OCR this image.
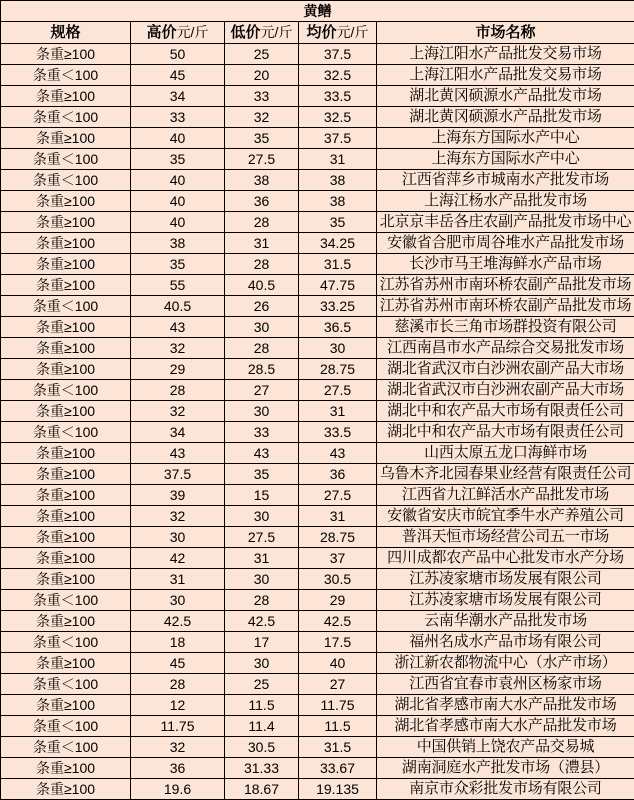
黄鳝				
规格	高价元/斤	低价元/斤	均价元/斤	市场名称
条重≥100	50	25	37.5	上海江阳水产品批发交易市场
条重＜100	45	20	32.5	上海江阳水产品批发交易市场
条重≥100	34	33	33.5	湖北黄冈硕源水产品批发市场
条重＜100	33	32	32.5	湖北黄冈硕源水产品批发市场
条重≥100	40	35	37.5	上海东方国际水产中心
条重＜100	35	27.5	31	上海东方国际水产中心
条重＜100	40	38	38	江西省萍乡市城南水产批发市场
条重≥100	40	36	38	上海江杨水产品批发市场
条重≥100	40	28	35	北京京丰岳各庄农副产品批发市场中心
条重≥100	38	31	34.25	安徽省合肥市周谷堆水产品批发市场
条重≥100	35	28	31.5	长沙市马王堆海鲜水产品市场
条重≥100	55	40.5	47.75	江苏省苏州市南环桥农副产品批发市场
条重＜100	40.5	26	33.25	江苏省苏州市南环桥农副产品批发市场
条重≥100	43	30	36.5	慈溪市长三角市场群投资有限公司
条重≥100	32	28	30	江西南昌市水产品综合交易批发市场
条重≥100	29	28.5	28.75	湖北省武汉市白沙洲农副产品大市场
条重＜100	28	27	27.5	湖北省武汉市白沙洲农副产品大市场
条重≥100	32	30	31	湖北中和农产品大市场有限责任公司
条重＜100	34	33	33.5	湖北中和农产品大市场有限责任公司
条重≥100	43	43	43	山西太原五龙口海鲜市场
条重≥100	37.5	35	36	乌鲁木齐北园春果业经营有限责任公司
条重≥100	39	15	27.5	江西省九江鲜活水产品批发市场
条重≥100	32	30	31	安徽省安庆市皖宜季牛水产养殖公司
条重≥100	30	27.5	28.75	普洱天恒市场经营公司五一市场
条重≥100	42	31	37	四川成都农产品中心批发市水产分场
条重≥100	31	30	30.5	江苏凌家塘市场发展有限公司
条重＜100	30	28	29	江苏凌家塘市场发展有限公司
条重≥100	42.5	42.5	42.5	云南华潮水产品批发市场
条重＜100	18	17	17.5	福州名成水产品市场有限公司
条重≥100	45	30	40	浙江新农都物流中心（水产市场）
条重＜100	28	25	27	江西省宜春市袁州区杨家市场
条重≥100	12	11.5	11.75	湖北省孝感市南大水产品批发市场
条重＜100	11.75	11.4	11.5	湖北省孝感市南大水产品批发市场
条重＜100	32	30.5	31.5	中国供销上饶农产品交易城
条重≥100	36	31.33	33.67	湖南洞庭水产批发市场（澧县）
条重≥100	19.6	18.67	19.135	南京市众彩批发市场有限公司
